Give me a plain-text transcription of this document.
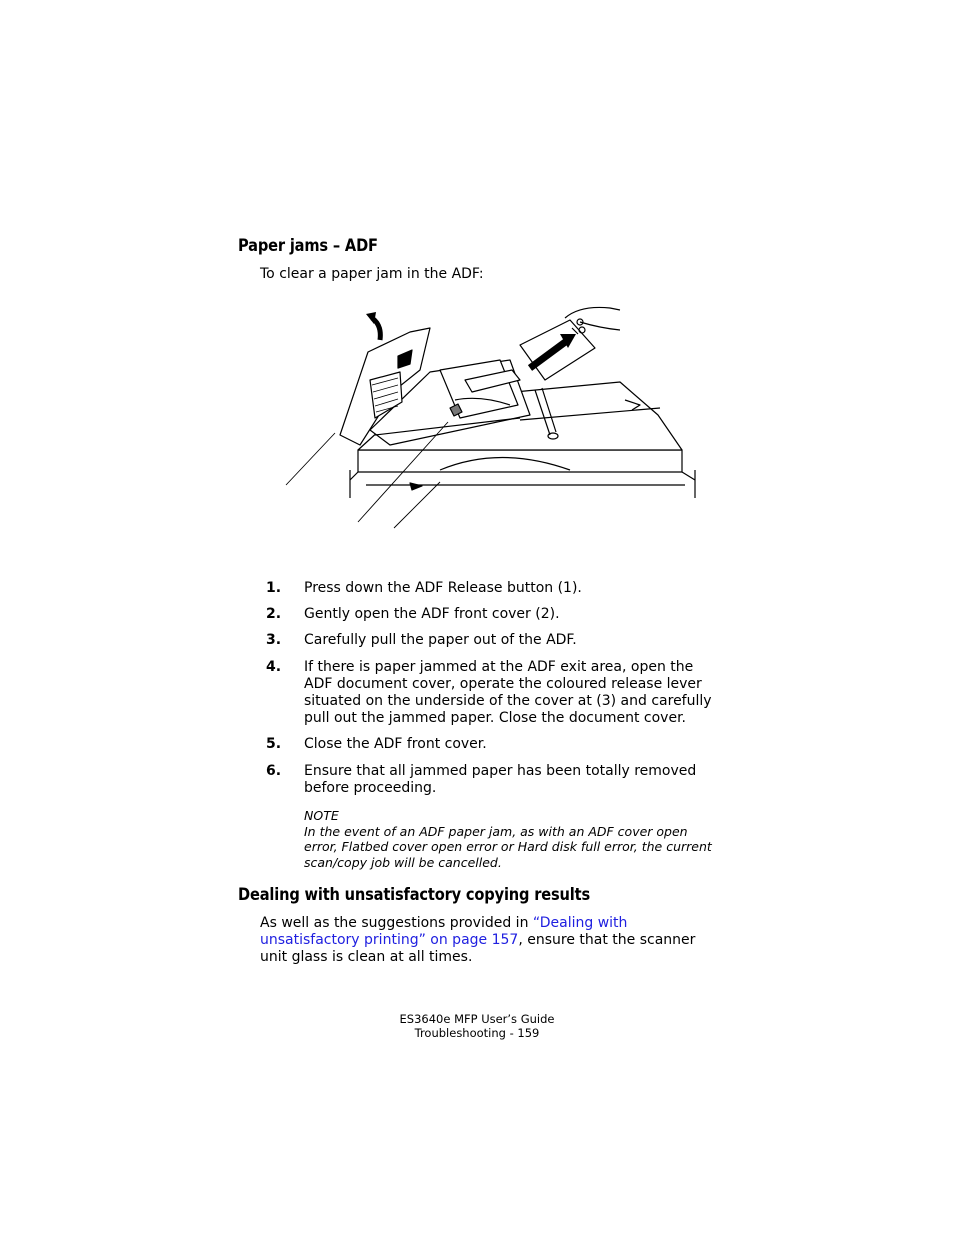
Paper jams – ADF
To clear a paper jam in the ADF:
1. Press down the ADF Release button (1).
2. Gently open the ADF front cover (2).
3. Carefully pull the paper out of the ADF.
4. If there is paper jammed at the ADF exit area, open the ADF document cover, operate the coloured release lever situated on the underside of the cover at (3) and carefully pull out the jammed paper. Close the document cover.
5. Close the ADF front cover.
6. Ensure that all jammed paper has been totally removed before proceeding.
NOTE
In the event of an ADF paper jam, as with an ADF cover open error, Flatbed cover open error or Hard disk full error, the current scan/copy job will be cancelled.
Dealing with unsatisfactory copying results
As well as the suggestions provided in “Dealing with unsatisfactory printing” on page 157, ensure that the scanner unit glass is clean at all times.
ES3640e MFP User’s Guide
Troubleshooting - 159
